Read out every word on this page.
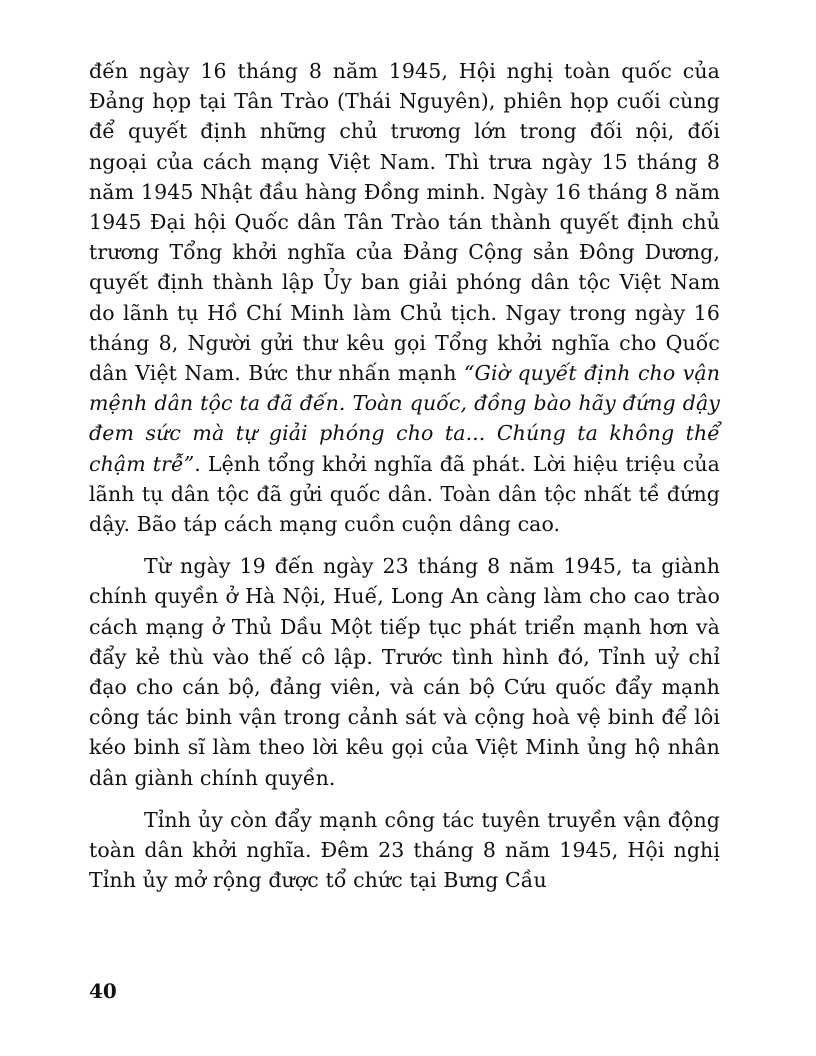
đến ngày 16 tháng 8 năm 1945, Hội nghị toàn quốc của Đảng họp tại Tân Trào (Thái Nguyên), phiên họp cuối cùng để quyết định những chủ trương lớn trong đối nội, đối ngoại của cách mạng Việt Nam. Thì trưa ngày 15 tháng 8 năm 1945 Nhật đầu hàng Đồng minh. Ngày 16 tháng 8 năm 1945 Đại hội Quốc dân Tân Trào tán thành quyết định chủ trương Tổng khởi nghĩa của Đảng Cộng sản Đông Dương, quyết định thành lập Ủy ban giải phóng dân tộc Việt Nam do lãnh tụ Hồ Chí Minh làm Chủ tịch. Ngay trong ngày 16 tháng 8, Người gửi thư kêu gọi Tổng khởi nghĩa cho Quốc dân Việt Nam. Bức thư nhấn mạnh “Giờ quyết định cho vận mệnh dân tộc ta đã đến. Toàn quốc, đồng bào hãy đứng dậy đem sức mà tự giải phóng cho ta... Chúng ta không thể chậm trễ”. Lệnh tổng khởi nghĩa đã phát. Lời hiệu triệu của lãnh tụ dân tộc đã gửi quốc dân. Toàn dân tộc nhất tề đứng dậy. Bão táp cách mạng cuồn cuộn dâng cao.

Từ ngày 19 đến ngày 23 tháng 8 năm 1945, ta giành chính quyền ở Hà Nội, Huế, Long An càng làm cho cao trào cách mạng ở Thủ Dầu Một tiếp tục phát triển mạnh hơn và đẩy kẻ thù vào thế cô lập. Trước tình hình đó, Tỉnh uỷ chỉ đạo cho cán bộ, đảng viên, và cán bộ Cứu quốc đẩy mạnh công tác binh vận trong cảnh sát và cộng hoà vệ binh để lôi kéo binh sĩ làm theo lời kêu gọi của Việt Minh ủng hộ nhân dân giành chính quyền.

Tỉnh ủy còn đẩy mạnh công tác tuyên truyền vận động toàn dân khởi nghĩa. Đêm 23 tháng 8 năm 1945, Hội nghị Tỉnh ủy mở rộng được tổ chức tại Bưng Cầu

40
